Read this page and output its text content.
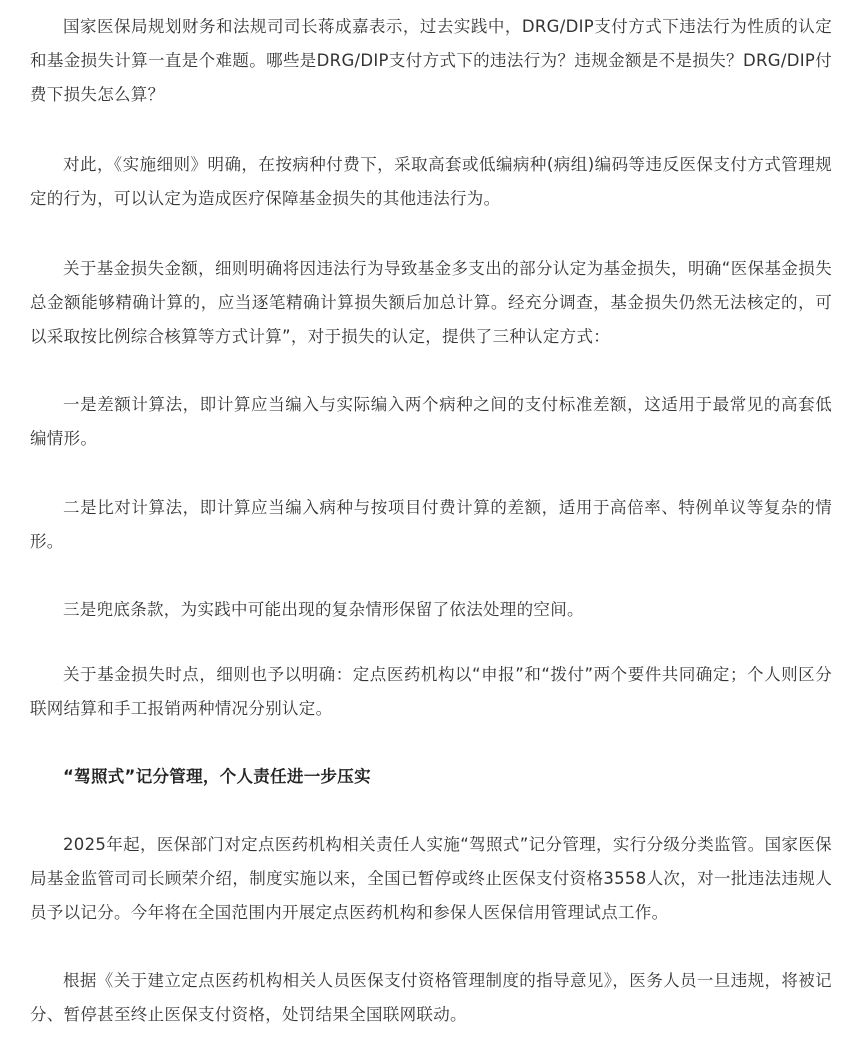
国家医保局规划财务和法规司司长蒋成嘉表示，过去实践中，DRG/DIP支付方式下违法行为性质的认定和基金损失计算一直是个难题。哪些是DRG/DIP支付方式下的违法行为？违规金额是不是损失？DRG/DIP付费下损失怎么算？

对此，《实施细则》明确，在按病种付费下，采取高套或低编病种(病组)编码等违反医保支付方式管理规定的行为，可以认定为造成医疗保障基金损失的其他违法行为。

关于基金损失金额，细则明确将因违法行为导致基金多支出的部分认定为基金损失，明确“医保基金损失总金额能够精确计算的，应当逐笔精确计算损失额后加总计算。经充分调查，基金损失仍然无法核定的，可以采取按比例综合核算等方式计算”，对于损失的认定，提供了三种认定方式：

一是差额计算法，即计算应当编入与实际编入两个病种之间的支付标准差额，这适用于最常见的高套低编情形。

二是比对计算法，即计算应当编入病种与按项目付费计算的差额，适用于高倍率、特例单议等复杂的情形。

三是兜底条款，为实践中可能出现的复杂情形保留了依法处理的空间。

关于基金损失时点，细则也予以明确：定点医药机构以“申报”和“拨付”两个要件共同确定；个人则区分联网结算和手工报销两种情况分别认定。

“驾照式”记分管理，个人责任进一步压实

2025年起，医保部门对定点医药机构相关责任人实施“驾照式”记分管理，实行分级分类监管。国家医保局基金监管司司长顾荣介绍，制度实施以来，全国已暂停或终止医保支付资格3558人次，对一批违法违规人员予以记分。今年将在全国范围内开展定点医药机构和参保人医保信用管理试点工作。

根据《关于建立定点医药机构相关人员医保支付资格管理制度的指导意见》，医务人员一旦违规，将被记分、暂停甚至终止医保支付资格，处罚结果全国联网联动。
